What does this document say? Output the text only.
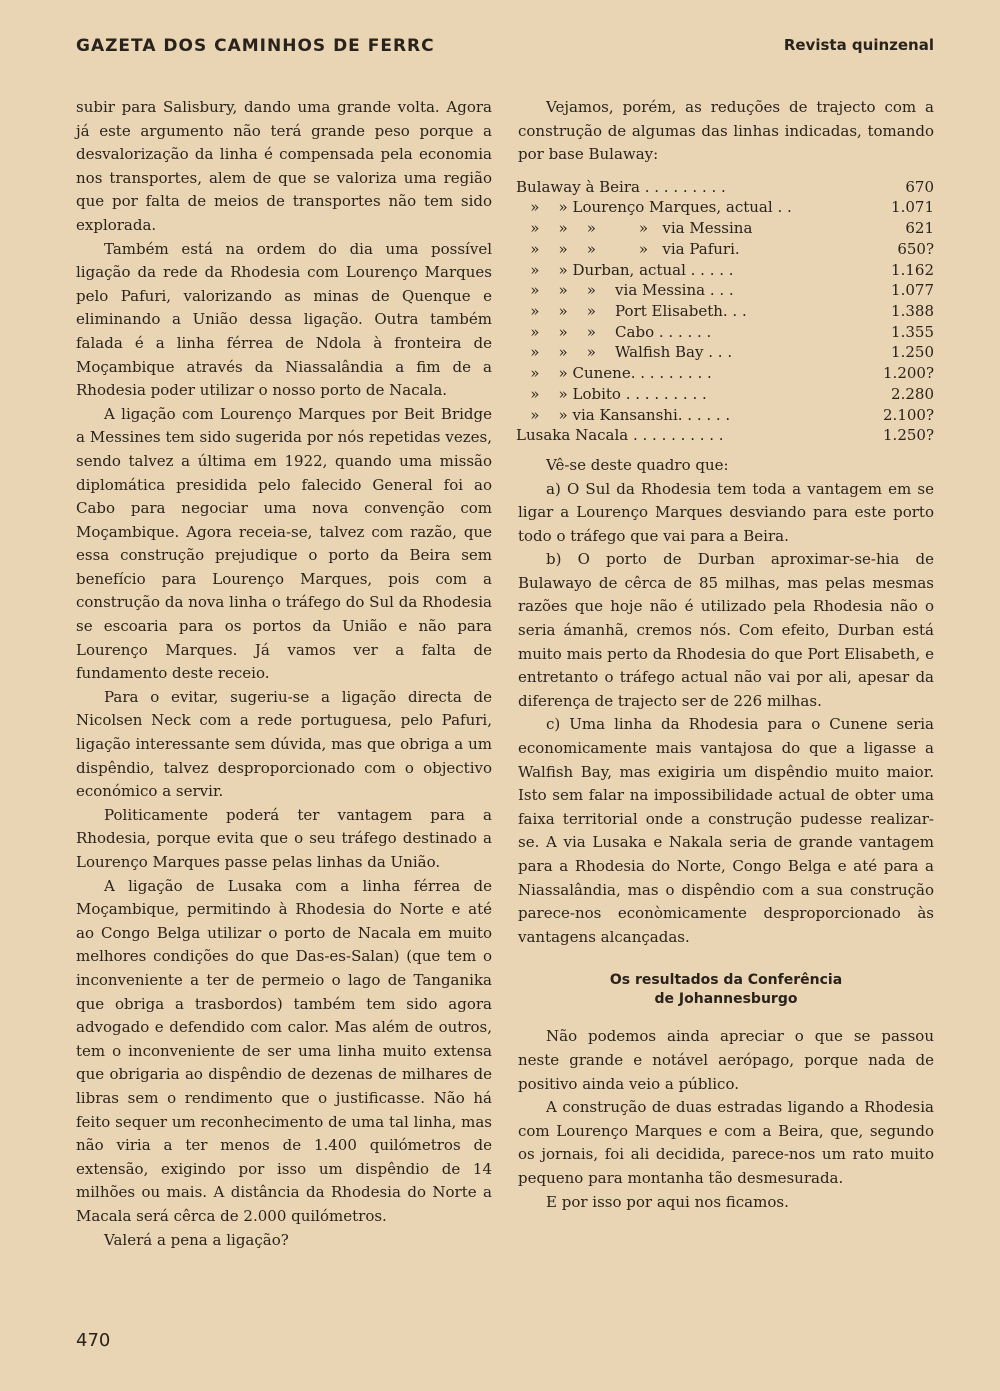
GAZETA DOS CAMINHOS DE FERRC	Revista quinzenal

subir para Salisbury, dando uma grande volta. Agora já este argumento não terá grande peso porque a desvalorização da linha é compensada pela economia nos transportes, alem de que se valoriza uma região que por falta de meios de transportes não tem sido explorada.

Também está na ordem do dia uma possível ligação da rede da Rhodesia com Lourenço Marques pelo Pafuri, valorizando as minas de Quenque e eliminando a União dessa ligação. Outra também falada é a linha férrea de Ndola à fronteira de Moçambique através da Niassalândia a fim de a Rhodesia poder utilizar o nosso porto de Nacala.

A ligação com Lourenço Marques por Beit Bridge a Messines tem sido sugerida por nós repetidas vezes, sendo talvez a última em 1922, quando uma missão diplomática presidida pelo falecido General foi ao Cabo para negociar uma nova convenção com Moçambique. Agora receia-se, talvez com razão, que essa construção prejudique o porto da Beira sem benefício para Lourenço Marques, pois com a construção da nova linha o tráfego do Sul da Rhodesia se escoaria para os portos da União e não para Lourenço Marques. Já vamos ver a falta de fundamento deste receio.

Para o evitar, sugeriu-se a ligação directa de Nicolsen Neck com a rede portuguesa, pelo Pafuri, ligação interessante sem dúvida, mas que obriga a um dispêndio, talvez desproporcionado com o objectivo económico a servir.

Politicamente poderá ter vantagem para a Rhodesia, porque evita que o seu tráfego destinado a Lourenço Marques passe pelas linhas da União.

A ligação de Lusaka com a linha férrea de Moçambique, permitindo à Rhodesia do Norte e até ao Congo Belga utilizar o porto de Nacala em muito melhores condições do que Das-es-Salan) (que tem o inconveniente a ter de permeio o lago de Tanganika que obriga a trasbordos) também tem sido agora advogado e defendido com calor. Mas além de outros, tem o inconveniente de ser uma linha muito extensa que obrigaria ao dispêndio de dezenas de milhares de libras sem o rendimento que o justificasse. Não há feito sequer um reconhecimento de uma tal linha, mas não viria a ter menos de 1.400 quilómetros de extensão, exigindo por isso um dispêndio de 14 milhões ou mais. A distância da Rhodesia do Norte a Macala será cêrca de 2.000 quilómetros.

Valerá a pena a ligação?

Vejamos, porém, as reduções de trajecto com a construção de algumas das linhas indicadas, tomando por base Bulaway:

Bulaway à Beira . . . . . . . . .	670
»    » Lourenço Marques, actual . .	1.071
»    »    »         »   via Messina	621
»    »    »         »   via Pafuri.	650?
»    » Durban, actual . . . . .	1.162
»    »    »    via Messina . . .	1.077
»    »    »    Port Elisabeth. . .	1.388
»    »    »    Cabo . . . . . .	1.355
»    »    »    Walfish Bay . . .	1.250
»    » Cunene. . . . . . . . .	1.200?
»    » Lobito . . . . . . . . .	2.280
»    » via Kansanshi. . . . . .	2.100?
Lusaka Nacala . . . . . . . . . .	1.250?

Vê-se deste quadro que:

a) O Sul da Rhodesia tem toda a vantagem em se ligar a Lourenço Marques desviando para este porto todo o tráfego que vai para a Beira.

b) O porto de Durban aproximar-se-hia de Bulawayo de cêrca de 85 milhas, mas pelas mesmas razões que hoje não é utilizado pela Rhodesia não o seria ámanhã, cremos nós. Com efeito, Durban está muito mais perto da Rhodesia do que Port Elisabeth, e entretanto o tráfego actual não vai por ali, apesar da diferença de trajecto ser de 226 milhas.

c) Uma linha da Rhodesia para o Cunene seria economicamente mais vantajosa do que a ligasse a Walfish Bay, mas exigiria um dispêndio muito maior. Isto sem falar na impossibilidade actual de obter uma faixa territorial onde a construção pudesse realizar-se. A via Lusaka e Nakala seria de grande vantagem para a Rhodesia do Norte, Congo Belga e até para a Niassalândia, mas o dispêndio com a sua construção parece-nos econòmicamente desproporcionado às vantagens alcançadas.

Os resultados da Conferência
de Johannesburgo

Não podemos ainda apreciar o que se passou neste grande e notável aerópago, porque nada de positivo ainda veio a público.

A construção de duas estradas ligando a Rhodesia com Lourenço Marques e com a Beira, que, segundo os jornais, foi ali decidida, parece-nos um rato muito pequeno para montanha tão desmesurada.

E por isso por aqui nos ficamos.

470
